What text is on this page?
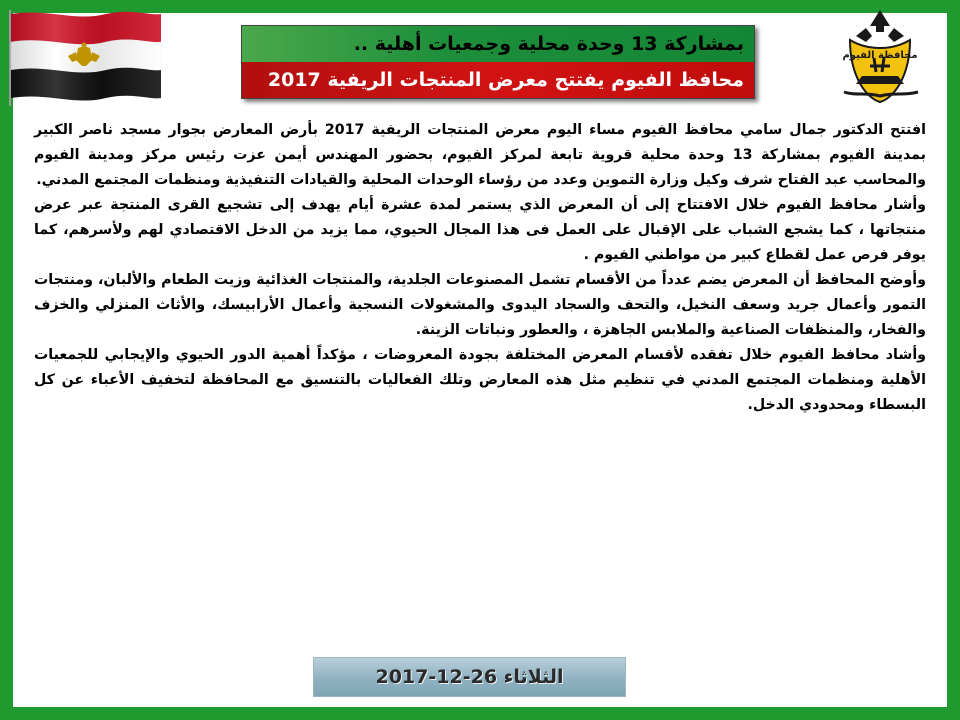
محافظة الفيوم
بمشاركة 13 وحدة محلية وجمعيات أهلية ..
محافظ الفيوم يفتتح معرض المنتجات الريفية 2017

افتتح الدكتور جمال سامي محافظ الفيوم مساء اليوم معرض المنتجات الريفية 2017 بأرض المعارض بجوار مسجد ناصر الكبير بمدينة الفيوم بمشاركة 13 وحدة محلية قروية تابعة لمركز الفيوم، بحضور المهندس أيمن عزت رئيس مركز ومدينة الفيوم والمحاسب عبد الفتاح شرف وكيل وزارة التموين وعدد من رؤساء الوحدات المحلية والقيادات التنفيذية ومنظمات المجتمع المدني.

وأشار محافظ الفيوم خلال الافتتاح إلى أن المعرض الذي يستمر لمدة عشرة أيام يهدف إلى تشجيع القرى المنتجة عبر عرض منتجاتها ، كما يشجع الشباب على الإقبال على العمل فى هذا المجال الحيوي، مما يزيد من الدخل الاقتصادي لهم ولأسرهم، كما يوفر فرص عمل لقطاع كبير من مواطني الفيوم .

وأوضح المحافظ أن المعرض يضم عدداً من الأقسام تشمل المصنوعات الجلدية، والمنتجات الغذائية وزيت الطعام والألبان، ومنتجات التمور وأعمال جريد وسعف النخيل، والتحف والسجاد اليدوى والمشغولات النسجية وأعمال الأرابيسك، والأثاث المنزلي والخزف والفخار، والمنظفات الصناعية والملابس الجاهزة ، والعطور ونباتات الزينة.

وأشاد محافظ الفيوم خلال تفقده لأقسام المعرض المختلفة بجودة المعروضات ، مؤكداً أهمية الدور الحيوي والإيجابي للجمعيات الأهلية ومنظمات المجتمع المدني في تنظيم مثل هذه المعارض وتلك الفعاليات بالتنسيق مع المحافظة لتخفيف الأعباء عن كل البسطاء ومحدودي الدخل.

الثلاثاء 26-12-2017
